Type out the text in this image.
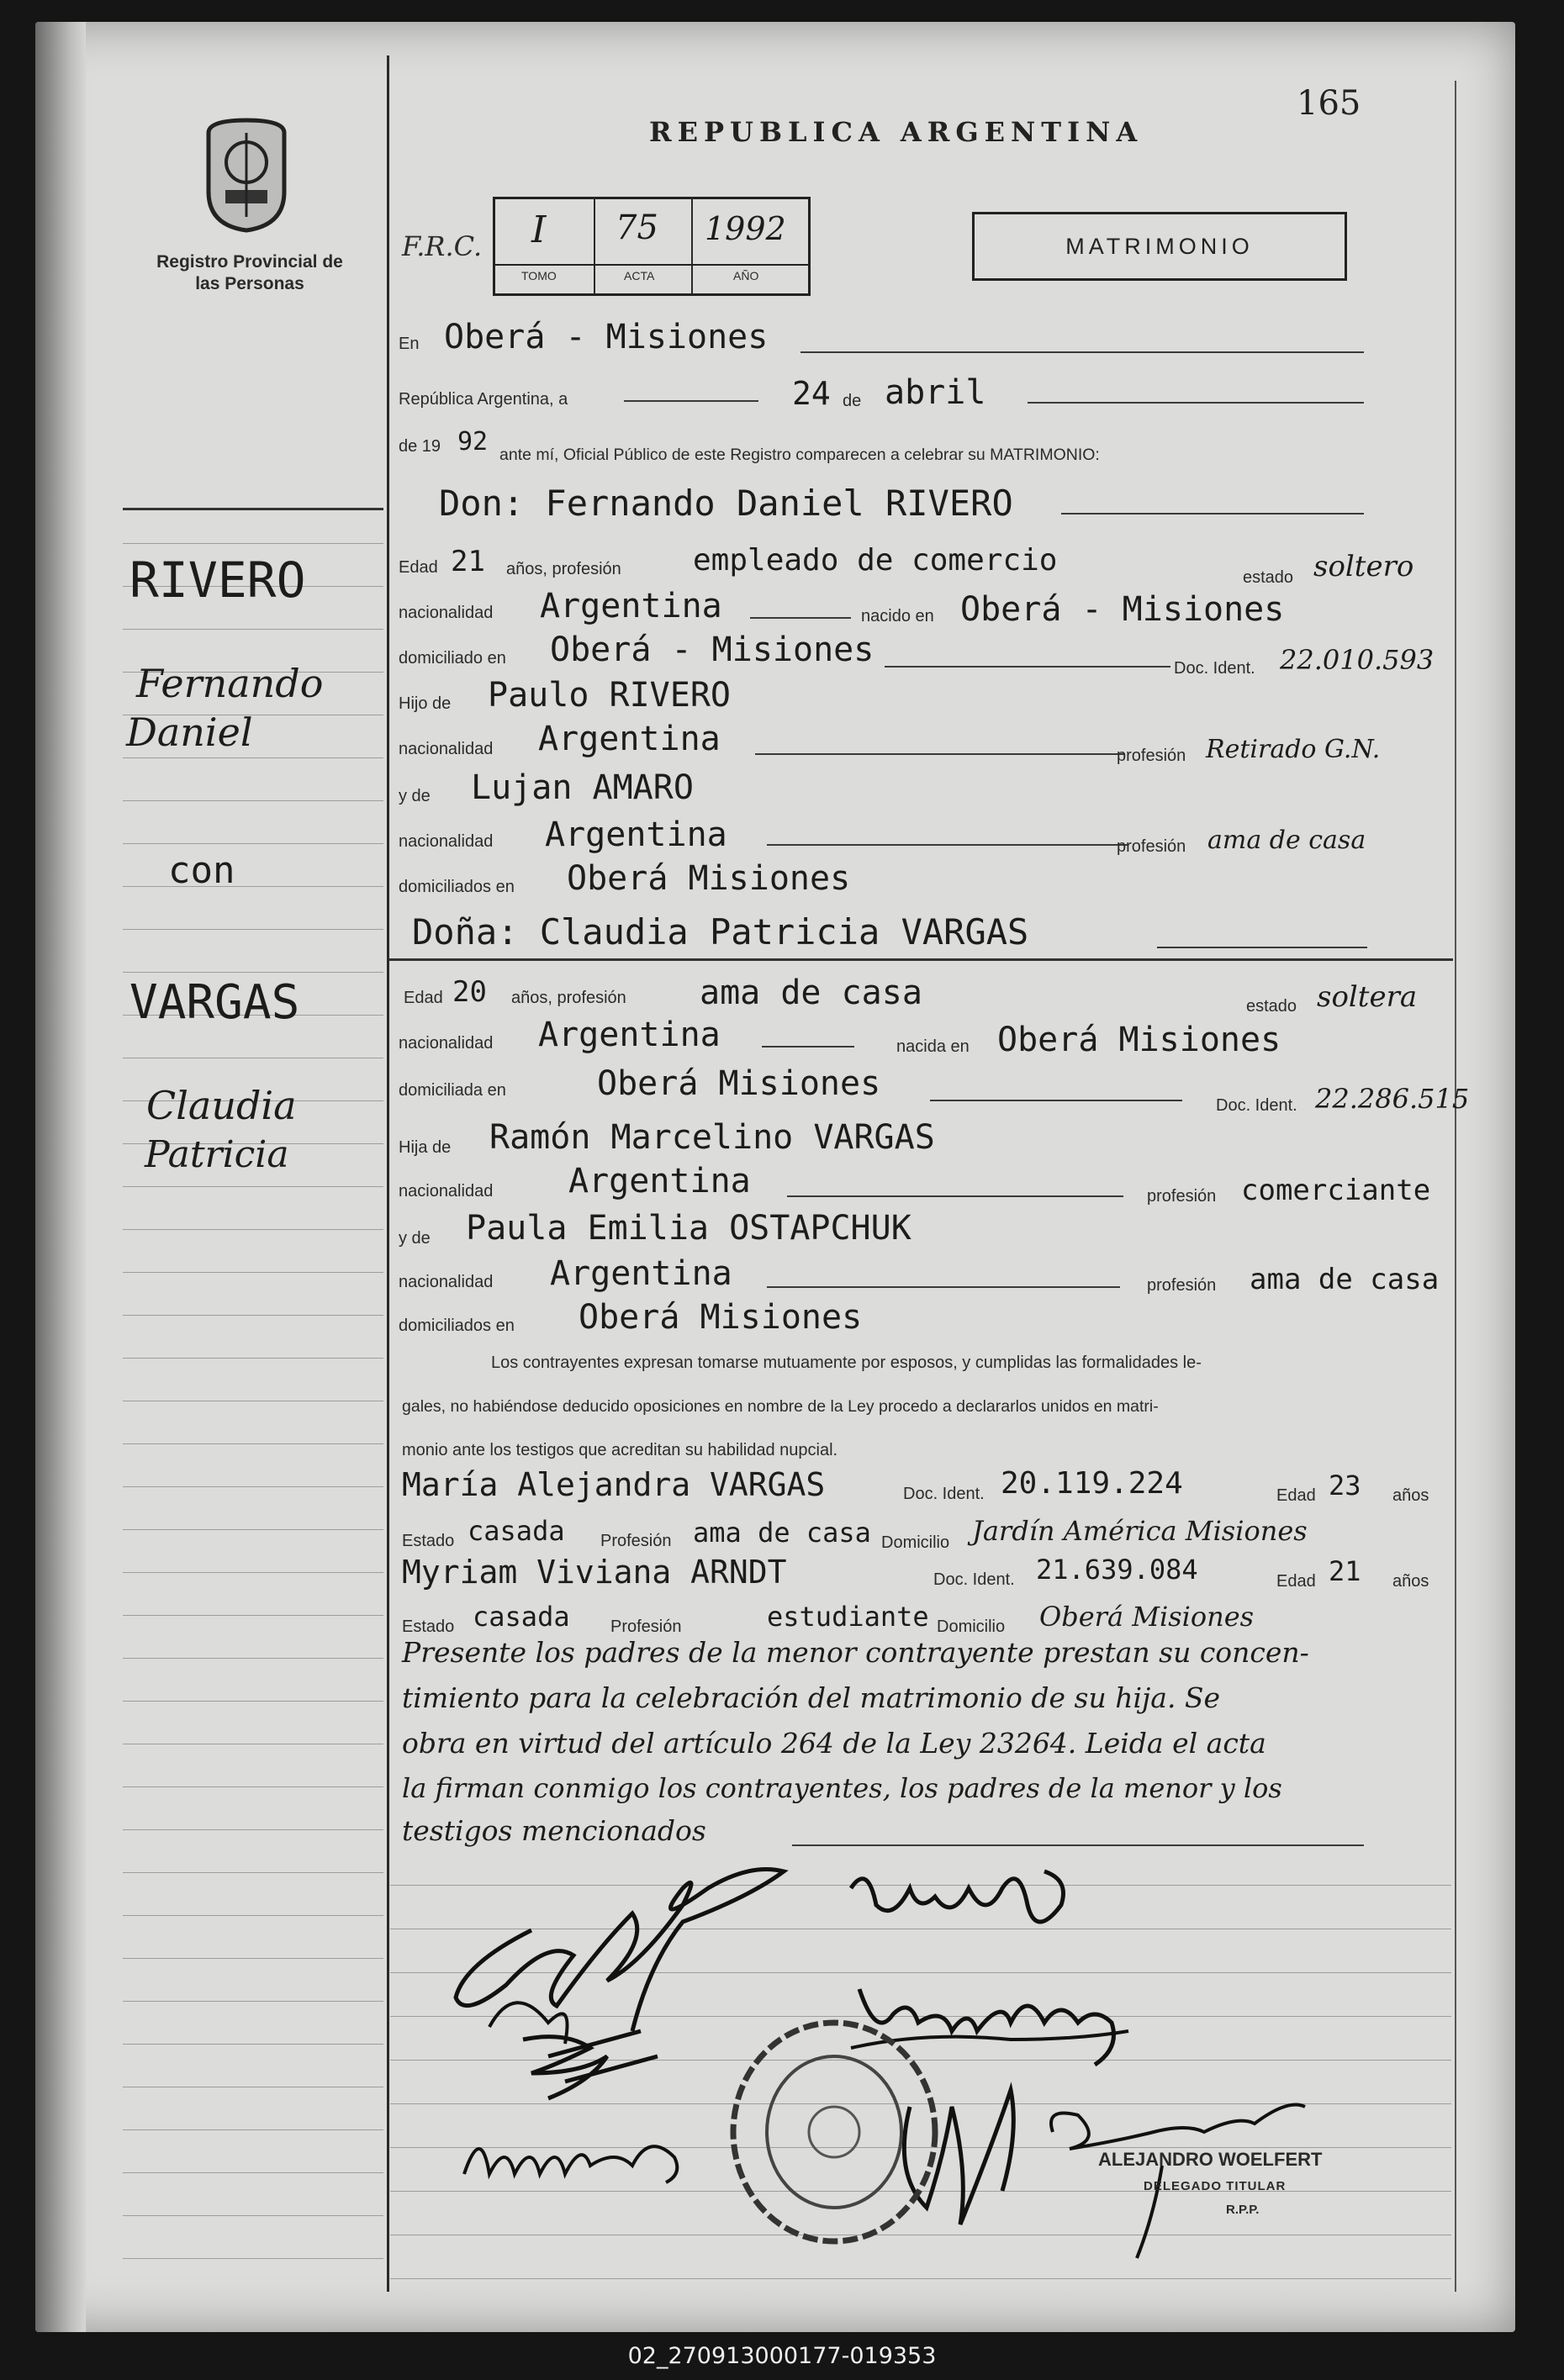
165
REPUBLICA ARGENTINA
Registro Provincial de las Personas
F.R.C. I 75 1992
TOMO	ACTA	AÑO
MATRIMONIO
RIVERO
Fernando
Daniel
con
VARGAS
Claudia
Patricia
En Oberá - Misiones
República Argentina, a	24 de abril
de 19 92 ante mí, Oficial Público de este Registro comparecen a celebrar su MATRIMONIO:
Don: Fernando Daniel RIVERO
Edad 21 años, profesión empleado de comercio	estado soltero
nacionalidad Argentina	nacido en Oberá - Misiones
domiciliado en Oberá - Misiones	Doc. Ident. 22.010.593
Hijo de Paulo RIVERO
nacionalidad Argentina	profesión Retirado G.N.
y de Lujan AMARO
nacionalidad Argentina	profesión ama de casa
domiciliados en Oberá Misiones
Doña: Claudia Patricia VARGAS
Edad 20 años, profesión ama de casa	estado soltera
nacionalidad Argentina	nacida en Oberá Misiones
domiciliada en	Oberá Misiones
Doc. Ident. 22.286.515
Hija de Ramón Marcelino VARGAS
nacionalidad Argentina	profesión comerciante
y de Paula Emilia OSTAPCHUK
nacionalidad Argentina	profesión ama de casa
domiciliados en Oberá Misiones
Los contrayentes expresan tomarse mutuamente por esposos, y cumplidas las formalidades le-
gales, no habiéndose deducido oposiciones en nombre de la Ley procedo a declararlos unidos en matri-
monio ante los testigos que acreditan su habilidad nupcial.
María Alejandra VARGAS	Doc. Ident. 20.119.224	Edad 23 años
Estado casada Profesión ama de casa Domicilio Jardín América Misiones
Myriam Viviana ARNDT	Doc. Ident. 21.639.084	Edad 21 años
Estado casada Profesión	estudiante Domicilio Oberá Misiones
Presente los padres de la menor contrayente prestan su concen-
timiento para la celebración del matrimonio de su hija. Se
obra en virtud del artículo 264 de la Ley 23264. Leida el acta
la firman conmigo los contrayentes, los padres de la menor y los
testigos mencionados
ALEJANDRO WOELFERT
DELEGADO TITULAR
R.P.P.
02_270913000177-019353
